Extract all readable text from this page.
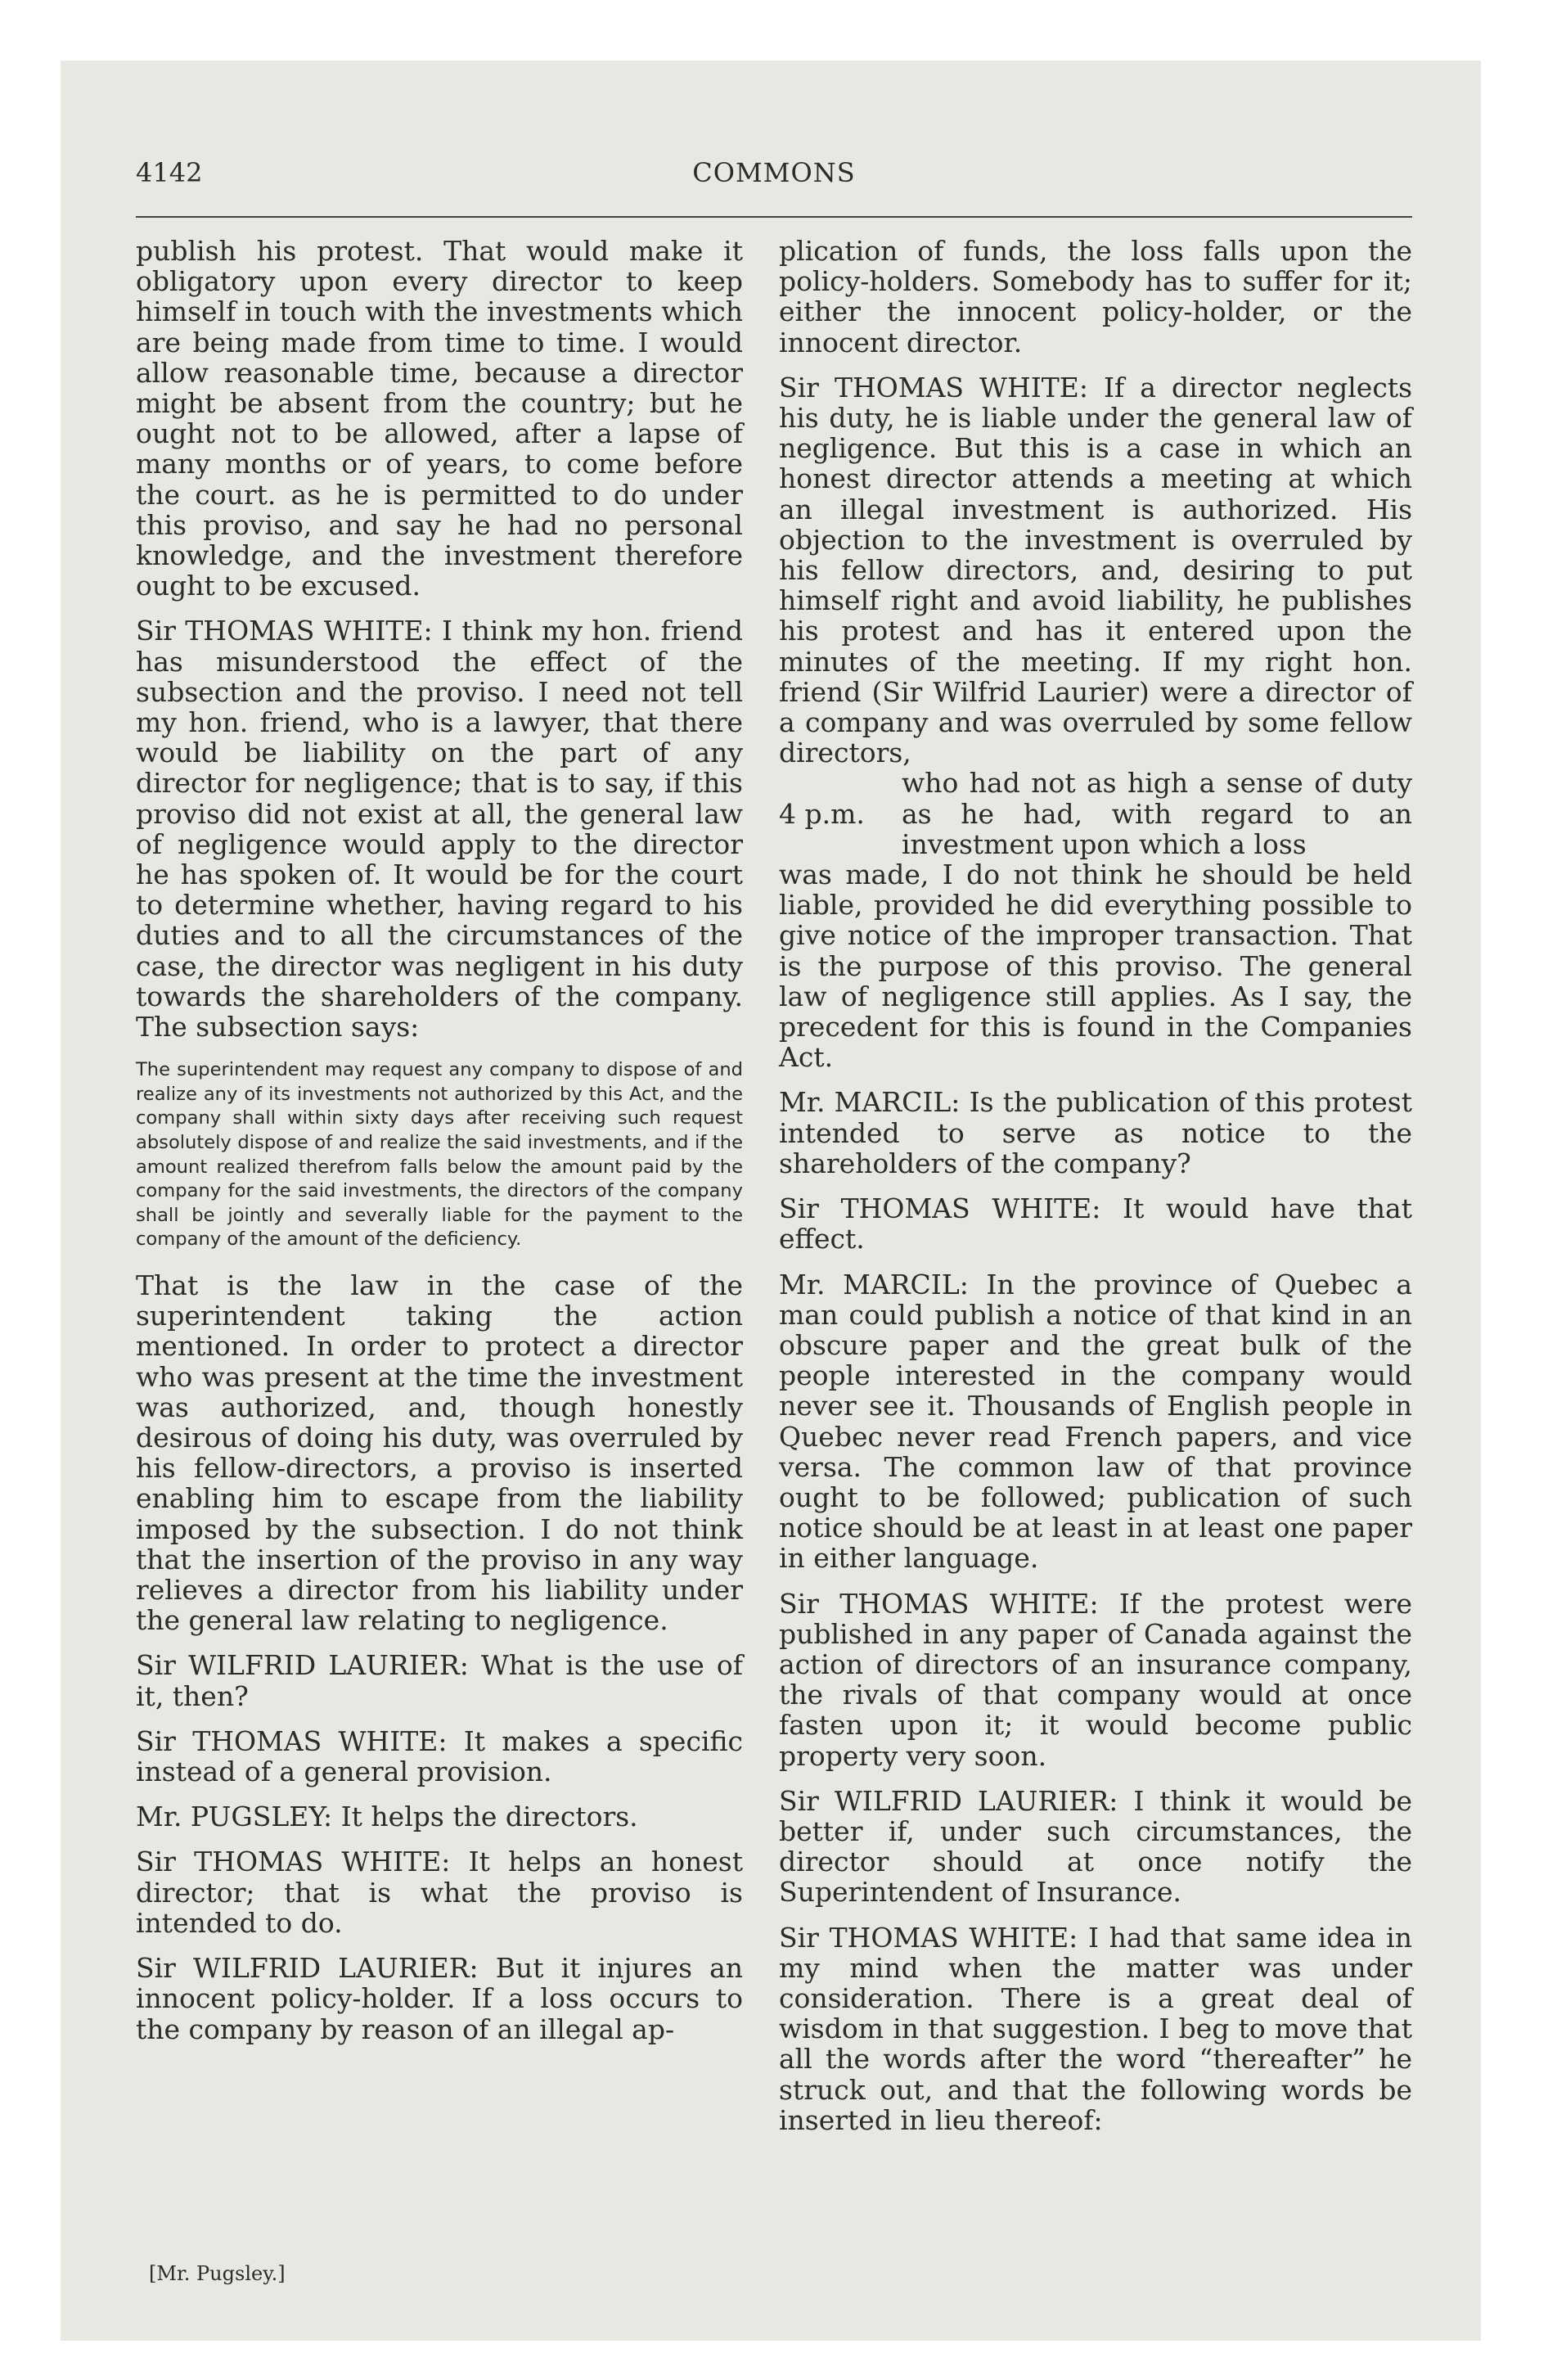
4142	COMMONS

publish his protest. That would make it obligatory upon every director to keep himself in touch with the investments which are being made from time to time. I would allow reasonable time, because a director might be absent from the country; but he ought not to be allowed, after a lapse of many months or of years, to come before the court. as he is permitted to do under this proviso, and say he had no personal knowledge, and the investment therefore ought to be excused.

Sir THOMAS WHITE: I think my hon. friend has misunderstood the effect of the subsection and the proviso. I need not tell my hon. friend, who is a lawyer, that there would be liability on the part of any director for negligence; that is to say, if this proviso did not exist at all, the general law of negligence would apply to the director he has spoken of. It would be for the court to determine whether, having regard to his duties and to all the circumstances of the case, the director was negligent in his duty towards the shareholders of the company. The subsection says:

The superintendent may request any company to dispose of and realize any of its investments not authorized by this Act, and the company shall within sixty days after receiving such request absolutely dispose of and realize the said investments, and if the amount realized therefrom falls below the amount paid by the company for the said investments, the directors of the company shall be jointly and severally liable for the payment to the company of the amount of the deficiency.

That is the law in the case of the superintendent taking the action mentioned. In order to protect a director who was present at the time the investment was authorized, and, though honestly desirous of doing his duty, was overruled by his fellow-directors, a proviso is inserted enabling him to escape from the liability imposed by the subsection. I do not think that the insertion of the proviso in any way relieves a director from his liability under the general law relating to negligence.

Sir WILFRID LAURIER: What is the use of it, then?

Sir THOMAS WHITE: It makes a specific instead of a general provision.

Mr. PUGSLEY: It helps the directors.

Sir THOMAS WHITE: It helps an honest director; that is what the proviso is intended to do.

Sir WILFRID LAURIER: But it injures an innocent policy-holder. If a loss occurs to the company by reason of an illegal ap-

plication of funds, the loss falls upon the policy-holders. Somebody has to suffer for it; either the innocent policy-holder, or the innocent director.

Sir THOMAS WHITE: If a director neglects his duty, he is liable under the general law of negligence. But this is a case in which an honest director attends a meeting at which an illegal investment is authorized. His objection to the investment is overruled by his fellow directors, and, desiring to put himself right and avoid liability, he publishes his protest and has it entered upon the minutes of the meeting. If my right hon. friend (Sir Wilfrid Laurier) were a director of a company and was overruled by some fellow directors,

4 p.m.
who had not as high a sense of duty as he had, with regard to an investment upon which a loss

was made, I do not think he should be held liable, provided he did everything possible to give notice of the improper transaction. That is the purpose of this proviso. The general law of negligence still applies. As I say, the precedent for this is found in the Companies Act.

Mr. MARCIL: Is the publication of this protest intended to serve as notice to the shareholders of the company?

Sir THOMAS WHITE: It would have that effect.

Mr. MARCIL: In the province of Quebec a man could publish a notice of that kind in an obscure paper and the great bulk of the people interested in the company would never see it. Thousands of English people in Quebec never read French papers, and vice versa. The common law of that province ought to be followed; publication of such notice should be at least in at least one paper in either language.

Sir THOMAS WHITE: If the protest were published in any paper of Canada against the action of directors of an insurance company, the rivals of that company would at once fasten upon it; it would become public property very soon.

Sir WILFRID LAURIER: I think it would be better if, under such circumstances, the director should at once notify the Superintendent of Insurance.

Sir THOMAS WHITE: I had that same idea in my mind when the matter was under consideration. There is a great deal of wisdom in that suggestion. I beg to move that all the words after the word “thereafter” he struck out, and that the following words be inserted in lieu thereof:

[Mr. Pugsley.]
